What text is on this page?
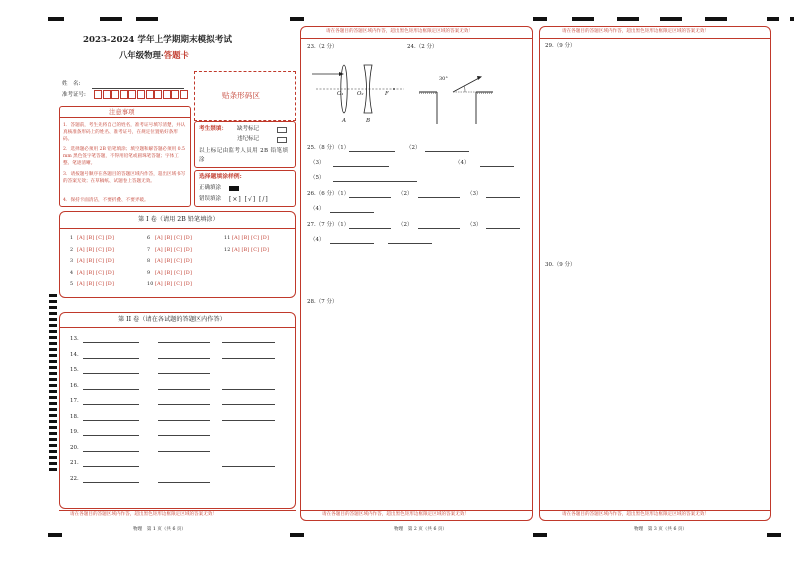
2023-2024 学年上学期期末模拟考试
八年级物理·答题卡
姓　名:
准考证号:	贴条形码区
注意事项
1．答题前，考生先将自己的姓名，准考证号填写清楚，并认真核准条形码上的姓名、准考证号，在规定位置贴好条形码。
2．选择题必须用 2B 铅笔填涂；填空题和解答题必须用 0.5 mm 黑色签字笔答题，不得用铅笔或圆珠笔答题；字体工整、笔迹清晰。
3．请按题号顺序在各题目的答题区域内作答，超出区域书写的答案无效；在草稿纸、试题卷上答题无效。
4．保持卡面清洁，不要折叠、不要弄破。
考生禁填： 缺考标记
违纪标记
以上标记由监考人员用 2B 铅笔填涂
选择题填涂样例:
正确填涂
错误填涂 [×] [√] [/]
第 I 卷（请用 2B 铅笔填涂）
1 [A] [B] [C] [D]
2 [A] [B] [C] [D]
3 [A] [B] [C] [D]
4 [A] [B] [C] [D]
5 [A] [B] [C] [D]
6 [A] [B] [C] [D]
7 [A] [B] [C] [D]
8 [A] [B] [C] [D]
9 [A] [B] [C] [D]
10[A] [B] [C] [D]
11[A] [B] [C] [D]
12[A] [B] [C] [D]
第 II 卷（请在各试题的答题区内作答）
13.
14.
15.
16.
17.
18.
19.
20.
21.
22.
请在各题目的答题区域内作答，超出黑色矩形边框限定区域的答案无效！
物理　第 1 页（共 6 页）
请在各题目的答题区域内作答，超出黑色矩形边框限定区域的答案无效！
23.（2 分）	24.（2 分）
O₁ O₂	F
A	B
30°
25.（8 分）（1）	（2）
（3）	（4）
（5）
26.（6 分）（1）	（2）	（3）
（4）
27.（7 分）（1）	（2）	（3）
（4）
28.（7 分）
请在各题目的答题区域内作答，超出黑色矩形边框限定区域的答案无效！
物理　第 2 页（共 6 页）
请在各题目的答题区域内作答，超出黑色矩形边框限定区域的答案无效！
29.（9 分）
30.（9 分）
请在各题目的答题区域内作答，超出黑色矩形边框限定区域的答案无效！
物理　第 3 页（共 6 页）
